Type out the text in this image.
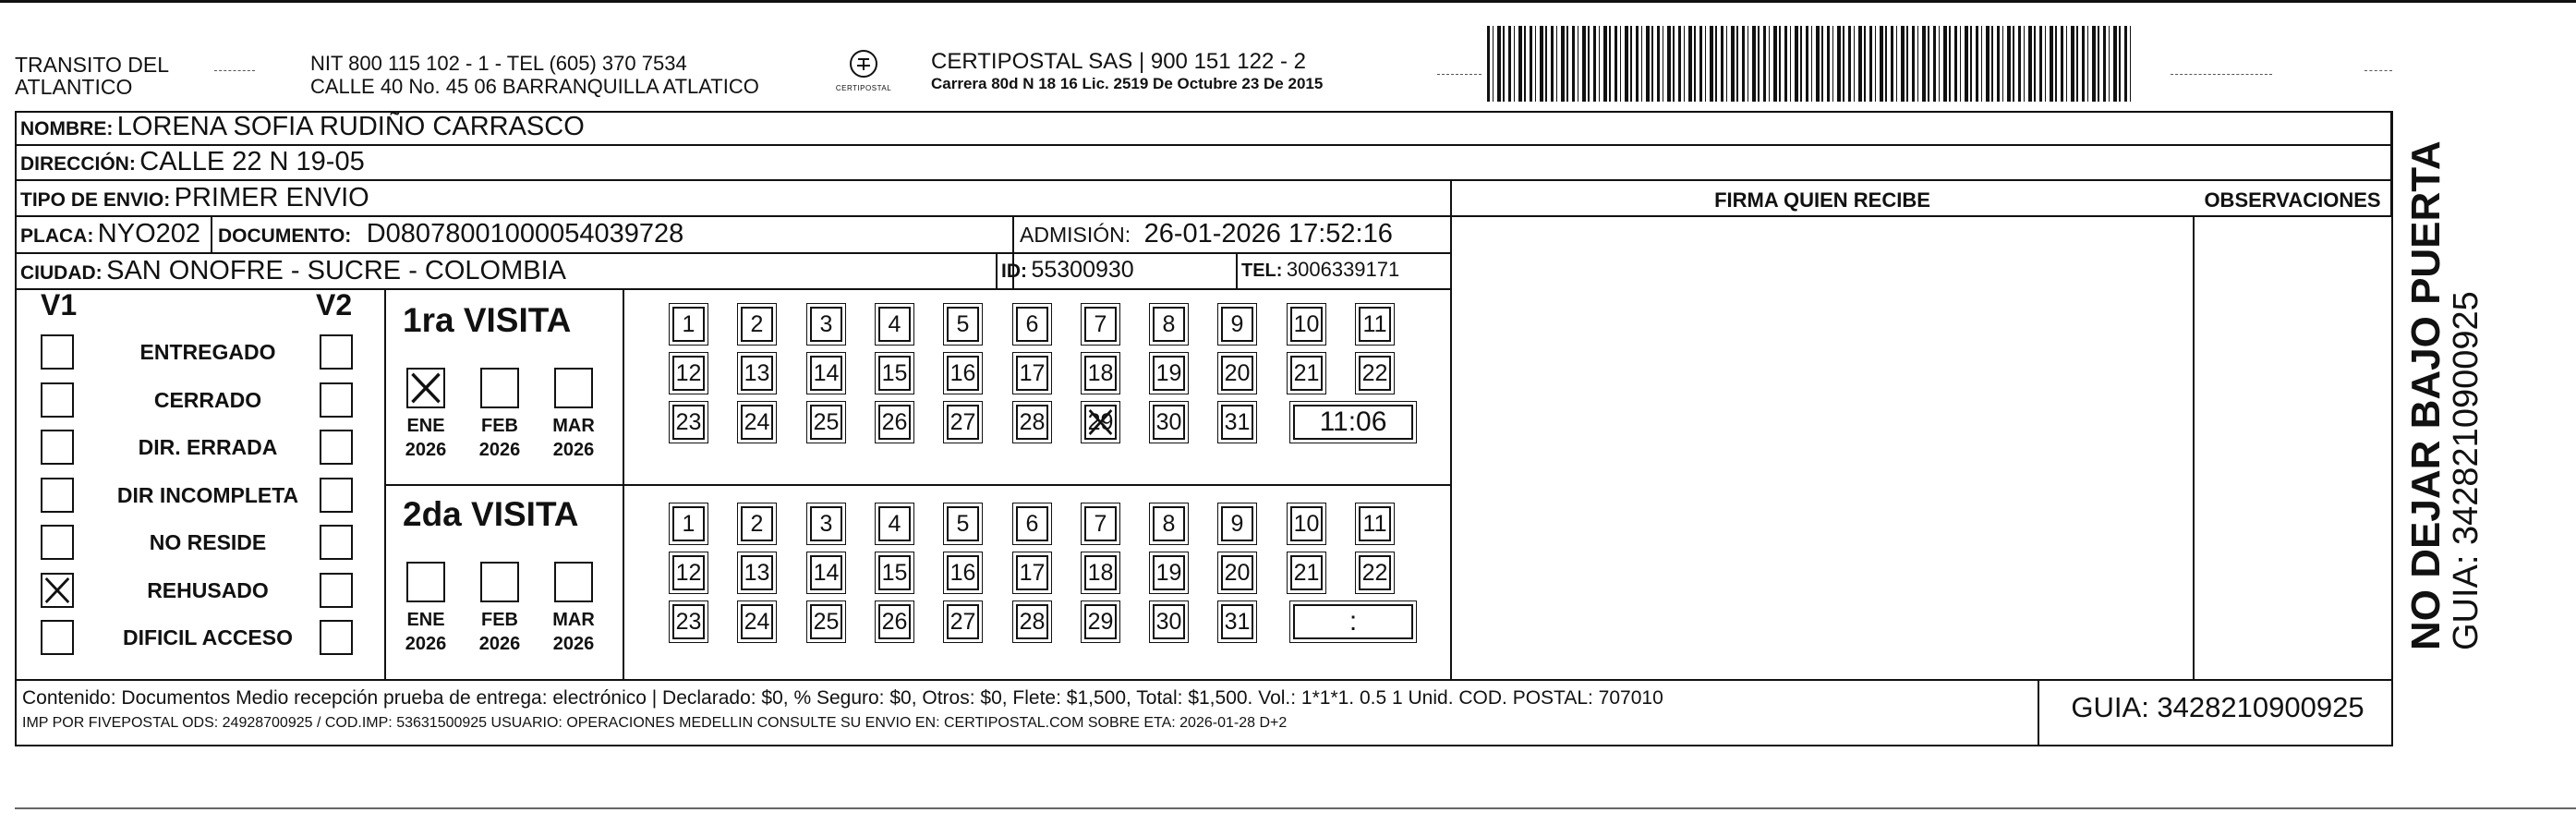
TRANSITO DEL
ATLANTICO
NIT 800 115 102 - 1 - TEL (605) 370 7534
CALLE 40 No. 45 06 BARRANQUILLA ATLATICO	CERTIPOSTAL
CERTIPOSTAL SAS | 900 151 122 - 2
Carrera 80d N 18 16 Lic. 2519 De Octubre 23 De 2015
NOMBRE: LORENA SOFIA RUDIÑO CARRASCO
DIRECCIÓN: CALLE 22 N 19-05
TIPO DE ENVIO: PRIMER ENVIO	FIRMA QUIEN RECIBE	OBSERVACIONES
PLACA: NYO202 DOCUMENTO: D08078001000054039728	ADMISIÓN: 26-01-2026 17:52:16
CIUDAD: SAN ONOFRE - SUCRE - COLOMBIA	ID: 55300930	TEL: 3006339171
V1	V2
ENTREGADO
CERRADO
DIR. ERRADA
DIR INCOMPLETA
NO RESIDE
REHUSADO
DIFICIL ACCESO
1ra VISITA
ENE
2026
FEB
2026
MAR
2026
1	2	3	4	5	6	7	8	9	10 11
12 13 14 15 16 17 18 19 20 21 22
23 24 25 26 27 28 29 30 31	11:06
2da VISITA
ENE
2026
FEB
2026
MAR
2026
1	2	3	4	5	6	7	8	9	10 11
12 13 14 15 16 17 18 19 20 21 22
23 24 25 26 27 28 29 30 31	:
Contenido: Documentos Medio recepción prueba de entrega: electrónico | Declarado: $0, % Seguro: $0, Otros: $0, Flete: $1,500, Total: $1,500. Vol.: 1*1*1. 0.5 1 Unid. COD. POSTAL: 707010
IMP POR FIVEPOSTAL ODS: 24928700925 / COD.IMP: 53631500925 USUARIO: OPERACIONES MEDELLIN CONSULTE SU ENVIO EN: CERTIPOSTAL.COM SOBRE ETA: 2026-01-28 D+2	GUIA: 3428210900925
NO DEJAR BAJO PUERTA
GUIA: 3428210900925
